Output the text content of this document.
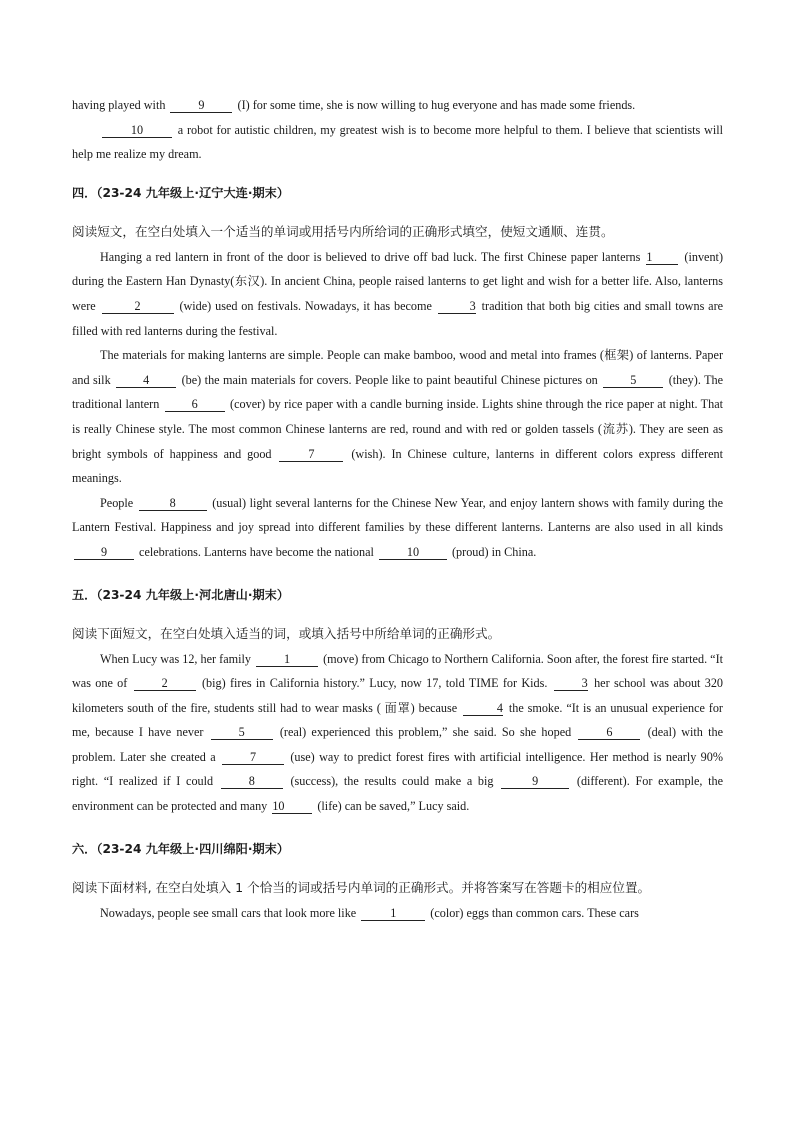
having played with	9	(I) for some time, she is now willing to hug everyone and has made some friends.

10	a robot for autistic children, my greatest wish is to become more helpful to them. I believe that scientists will help me realize my dream.

四．（23-24 九年级上·辽宁大连·期末）
阅读短文，在空白处填入一个适当的单词或用括号内所给词的正确形式填空，使短文通顺、连贯。

Hanging a red lantern in front of the door is believed to drive off bad luck. The first Chinese paper lanterns 1	(invent) during the Eastern Han Dynasty(东汉). In ancient China, people raised lanterns to get light and wish for a better life. Also, lanterns were	2	(wide) used on festivals. Nowadays, it has become	3 tradition that both big cities and small towns are filled with red lanterns during the festival.

The materials for making lanterns are simple. People can make bamboo, wood and metal into frames (框架) of lanterns. Paper and silk	4	(be) the main materials for covers. People like to paint beautiful Chinese pictures on	5	(they). The traditional lantern	6	(cover) by rice paper with a candle burning inside. Lights shine through the rice paper at night. That is really Chinese style. The most common Chinese lanterns are red, round and with red or golden tassels (流苏). They are seen as bright symbols of happiness and good	7	(wish). In Chinese culture, lanterns in different colors express different meanings.

People	8	(usual) light several lanterns for the Chinese New Year, and enjoy lantern shows with family during the Lantern Festival. Happiness and joy spread into different families by these different lanterns. Lanterns are also used in all kinds 9	celebrations. Lanterns have become the national	10	(proud) in China.

五．（23-24 九年级上·河北唐山·期末）
阅读下面短文，在空白处填入适当的词，或填入括号中所给单词的正确形式。

When Lucy was 12, her family	1	(move) from Chicago to Northern California. Soon after, the forest fire started. “It was one of	2	(big) fires in California history.” Lucy, now 17, told TIME for Kids.	3 her school was about 320 kilometers south of the fire, students still had to wear masks ( 面罩) because	4 the smoke. “It is an unusual experience for me, because I have never	5	(real) experienced this problem,” she said. So she hoped	6	(deal) with the problem. Later she created a	7	(use) way to predict forest fires with artificial intelligence. Her method is nearly 90% right. “I realized if I could	8	(success), the results could make a big	9	(different). For example, the environment can be protected and many 10	(life) can be saved,” Lucy said.

六．（23-24 九年级上·四川绵阳·期末）
阅读下面材料, 在空白处填入 1 个恰当的词或括号内单词的正确形式。并将答案写在答题卡的相应位置。

Nowadays, people see small cars that look more like	1	(color) eggs than common cars. These cars
